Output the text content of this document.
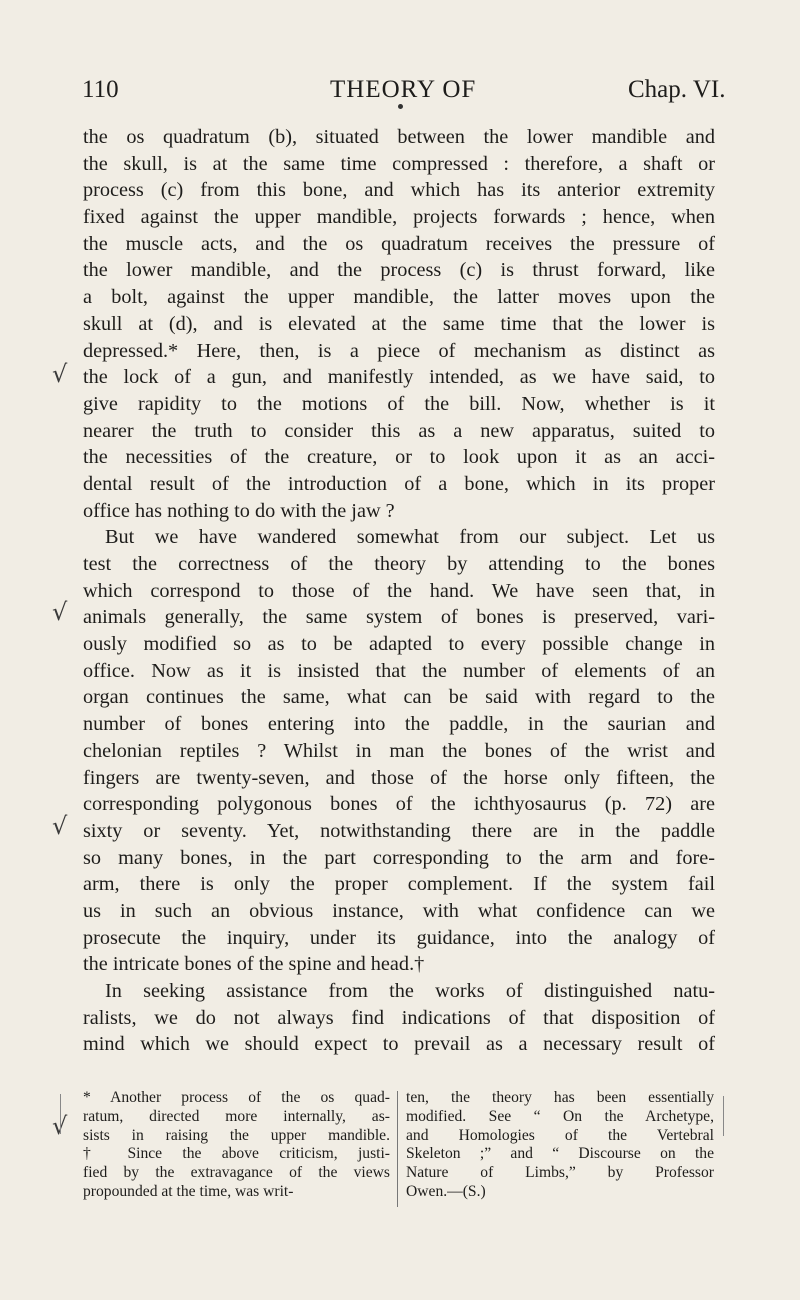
110	THEORY OF	Chap. VI.
the os quadratum (b), situated between the lower mandible and
the skull, is at the same time compressed : therefore, a shaft or
process (c) from this bone, and which has its anterior extremity
fixed against the upper mandible, projects forwards ; hence, when
the muscle acts, and the os quadratum receives the pressure of
the lower mandible, and the process (c) is thrust forward, like
a bolt, against the upper mandible, the latter moves upon the
skull at (d), and is elevated at the same time that the lower is
depressed.* Here, then, is a piece of mechanism as distinct as
the lock of a gun, and manifestly intended, as we have said, to
give rapidity to the motions of the bill. Now, whether is it
nearer the truth to consider this as a new apparatus, suited to
the necessities of the creature, or to look upon it as an acci-
dental result of the introduction of a bone, which in its proper
office has nothing to do with the jaw ?
But we have wandered somewhat from our subject. Let us
test the correctness of the theory by attending to the bones
which correspond to those of the hand. We have seen that, in
animals generally, the same system of bones is preserved, vari-
ously modified so as to be adapted to every possible change in
office. Now as it is insisted that the number of elements of an
organ continues the same, what can be said with regard to the
number of bones entering into the paddle, in the saurian and
chelonian reptiles ? Whilst in man the bones of the wrist and
fingers are twenty-seven, and those of the horse only fifteen, the
corresponding polygonous bones of the ichthyosaurus (p. 72) are
sixty or seventy. Yet, notwithstanding there are in the paddle
so many bones, in the part corresponding to the arm and fore-
arm, there is only the proper complement. If the system fail
us in such an obvious instance, with what confidence can we
prosecute the inquiry, under its guidance, into the analogy of
the intricate bones of the spine and head.†
In seeking assistance from the works of distinguished natu-
ralists, we do not always find indications of that disposition of
mind which we should expect to prevail as a necessary result of
* Another process of the os quad-
ratum, directed more internally, as-
sists in raising the upper mandible.
† Since the above criticism, justi-
fied by the extravagance of the views
propounded at the time, was writ-
ten, the theory has been essentially
modified. See “ On the Archetype,
and Homologies of the Vertebral
Skeleton ;” and “ Discourse on the
Nature of Limbs,” by Professor
Owen.—(S.)
√
√
√
√
